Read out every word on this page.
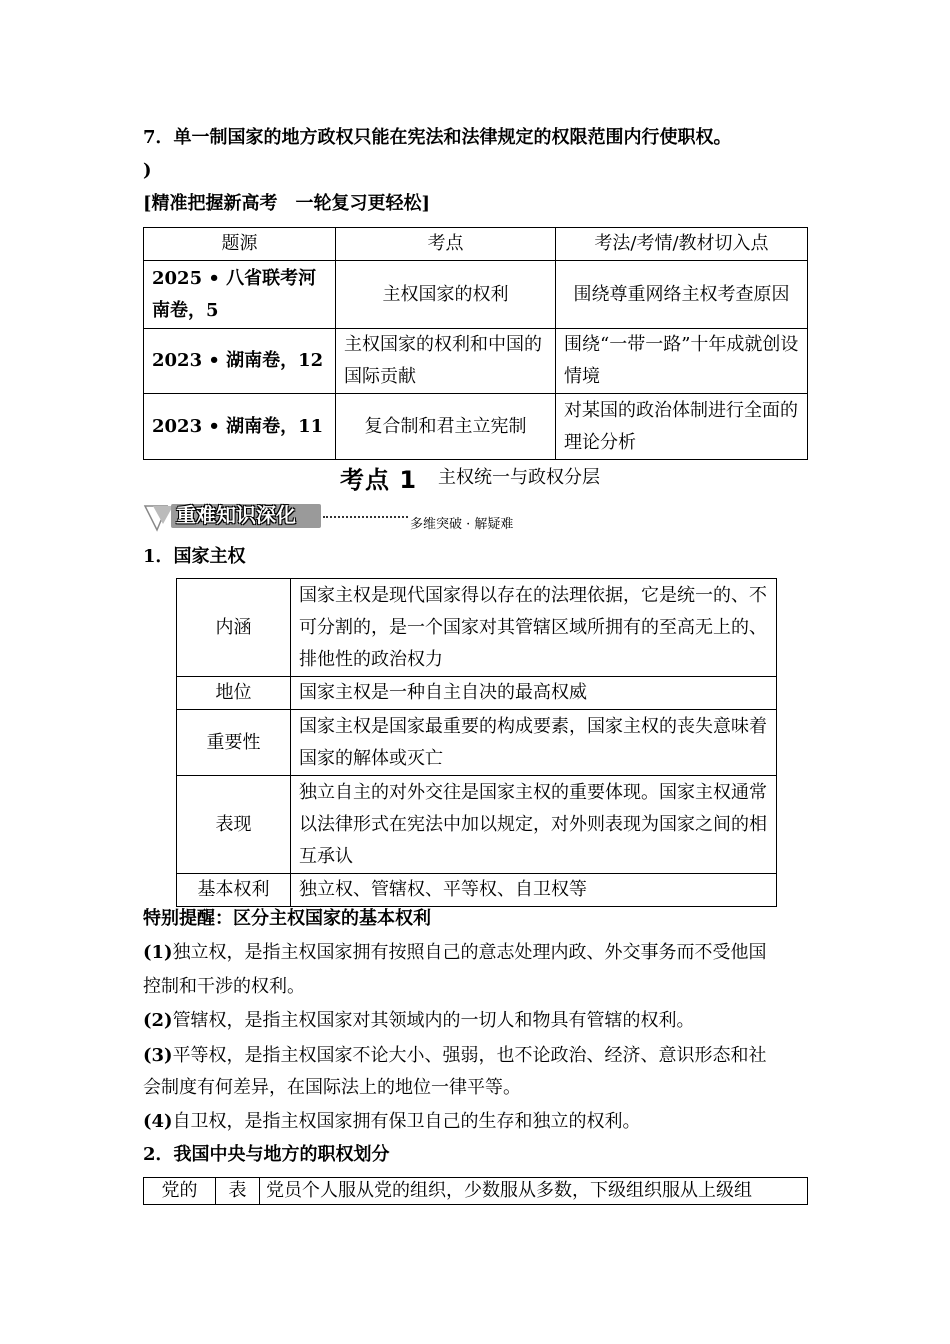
7．单一制国家的地方政权只能在宪法和法律规定的权限范围内行使职权。
)
[精准把握新高考　一轮复习更轻松]
题源	考点	考法/考情/教材切入点
2025 • 八省联考河南卷，5	主权国家的权利	围绕尊重网络主权考查原因
2023 • 湖南卷，12	主权国家的权利和中国的国际贡献	围绕“一带一路”十年成就创设情境
2023 • 湖南卷，11	复合制和君主立宪制	对某国的政治体制进行全面的理论分析
考点 1 主权统一与政权分层
重难知识深化	多维突破 · 解疑难
1．国家主权
内涵	国家主权是现代国家得以存在的法理依据，它是统一的、不可分割的，是一个国家对其管辖区域所拥有的至高无上的、排他性的政治权力
地位	国家主权是一种自主自决的最高权威
重要性	国家主权是国家最重要的构成要素，国家主权的丧失意味着国家的解体或灭亡
表现	独立自主的对外交往是国家主权的重要体现。国家主权通常以法律形式在宪法中加以规定，对外则表现为国家之间的相互承认
基本权利	独立权、管辖权、平等权、自卫权等
特别提醒：区分主权国家的基本权利
(1)独立权，是指主权国家拥有按照自己的意志处理内政、外交事务而不受他国
控制和干涉的权利。
(2)管辖权，是指主权国家对其领域内的一切人和物具有管辖的权利。
(3)平等权，是指主权国家不论大小、强弱，也不论政治、经济、意识形态和社
会制度有何差异，在国际法上的地位一律平等。
(4)自卫权，是指主权国家拥有保卫自己的生存和独立的权利。
2．我国中央与地方的职权划分
党的	表	党员个人服从党的组织，少数服从多数，下级组织服从上级组
